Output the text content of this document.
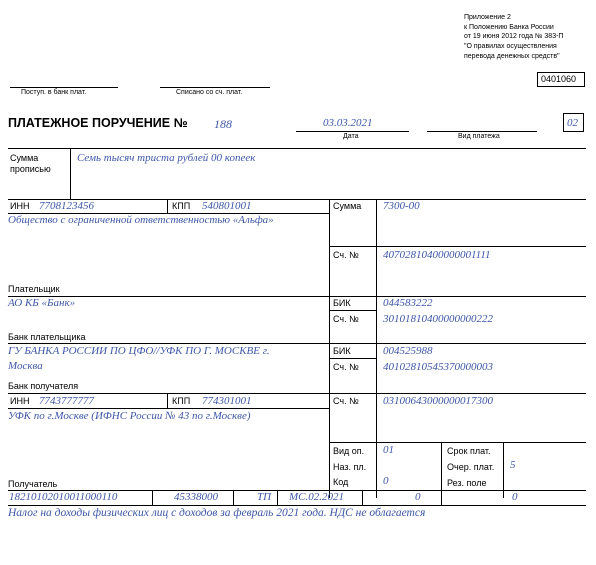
Приложение 2
к Положению Банка России
от 19 июня 2012 года № 383-П
"О правилах осуществления
перевода денежных средств"
0401060
Поступ. в банк плат.	Списано со сч. плат.
ПЛАТЕЖНОЕ ПОРУЧЕНИЕ № 188	03.03.2021
Дата	Вид платежа
02
Сумма
прописью
Семь тысяч триста рублей 00 копеек
ИНН 7708123456	КПП 540801001
Общество с ограниченной ответственностью «Альфа»
Плательщик
Сумма 7300-00
Сч. № 40702810400000001111
АО КБ «Банк»
Банк плательщика
БИК	044583222
Сч. № 30101810400000000222
ГУ БАНКА РОССИИ ПО ЦФО//УФК ПО Г. МОСКВЕ г.
Москва
Банк получателя
БИК	004525988
Сч. № 40102810545370000003
ИНН 7743777777	КПП 774301001
УФК по г.Москве (ИФНС России № 43 по г.Москве)
Получатель
Сч. № 03100643000000017300
Вид оп. 01
Наз. пл.
Код	0
Срок плат.
Очер. плат. 5
Рез. поле
18210102010011000110	45338000	ТП МС.02.2021	0	0
Налог на доходы физических лиц с доходов за февраль 2021 года. НДС не облагается
